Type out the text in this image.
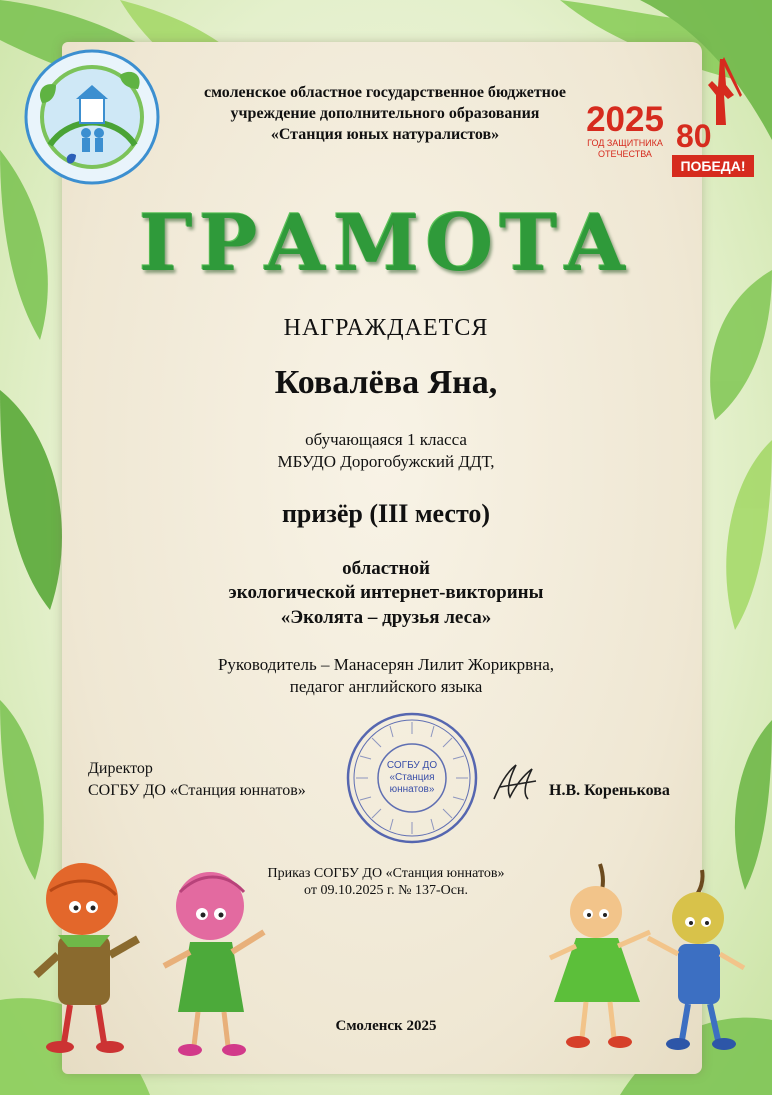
смоленское областное государственное бюджетное
учреждение дополнительного образования
«Станция юных натуралистов»	2025
ГОД ЗАЩИТНИКА
ОТЕЧЕСТВА 80
ПОБЕДА!
ГРАМОТА
НАГРАЖДАЕТСЯ
Ковалёва Яна,
обучающаяся 1 класса
МБУДО Дорогобужский ДДТ,
призёр (III место)
областной
экологической интернет-викторины
«Эколята – друзья леса»
Руководитель – Манасерян Лилит Жорикрвна,
педагог английского языка
Директор
СОГБУ ДО «Станция юннатов»
СОГБУ ДО
«Станция
юннатов»	Н.В. Коренькова
Приказ СОГБУ ДО «Станция юннатов»
от 09.10.2025 г. № 137-Осн.
Смоленск 2025
